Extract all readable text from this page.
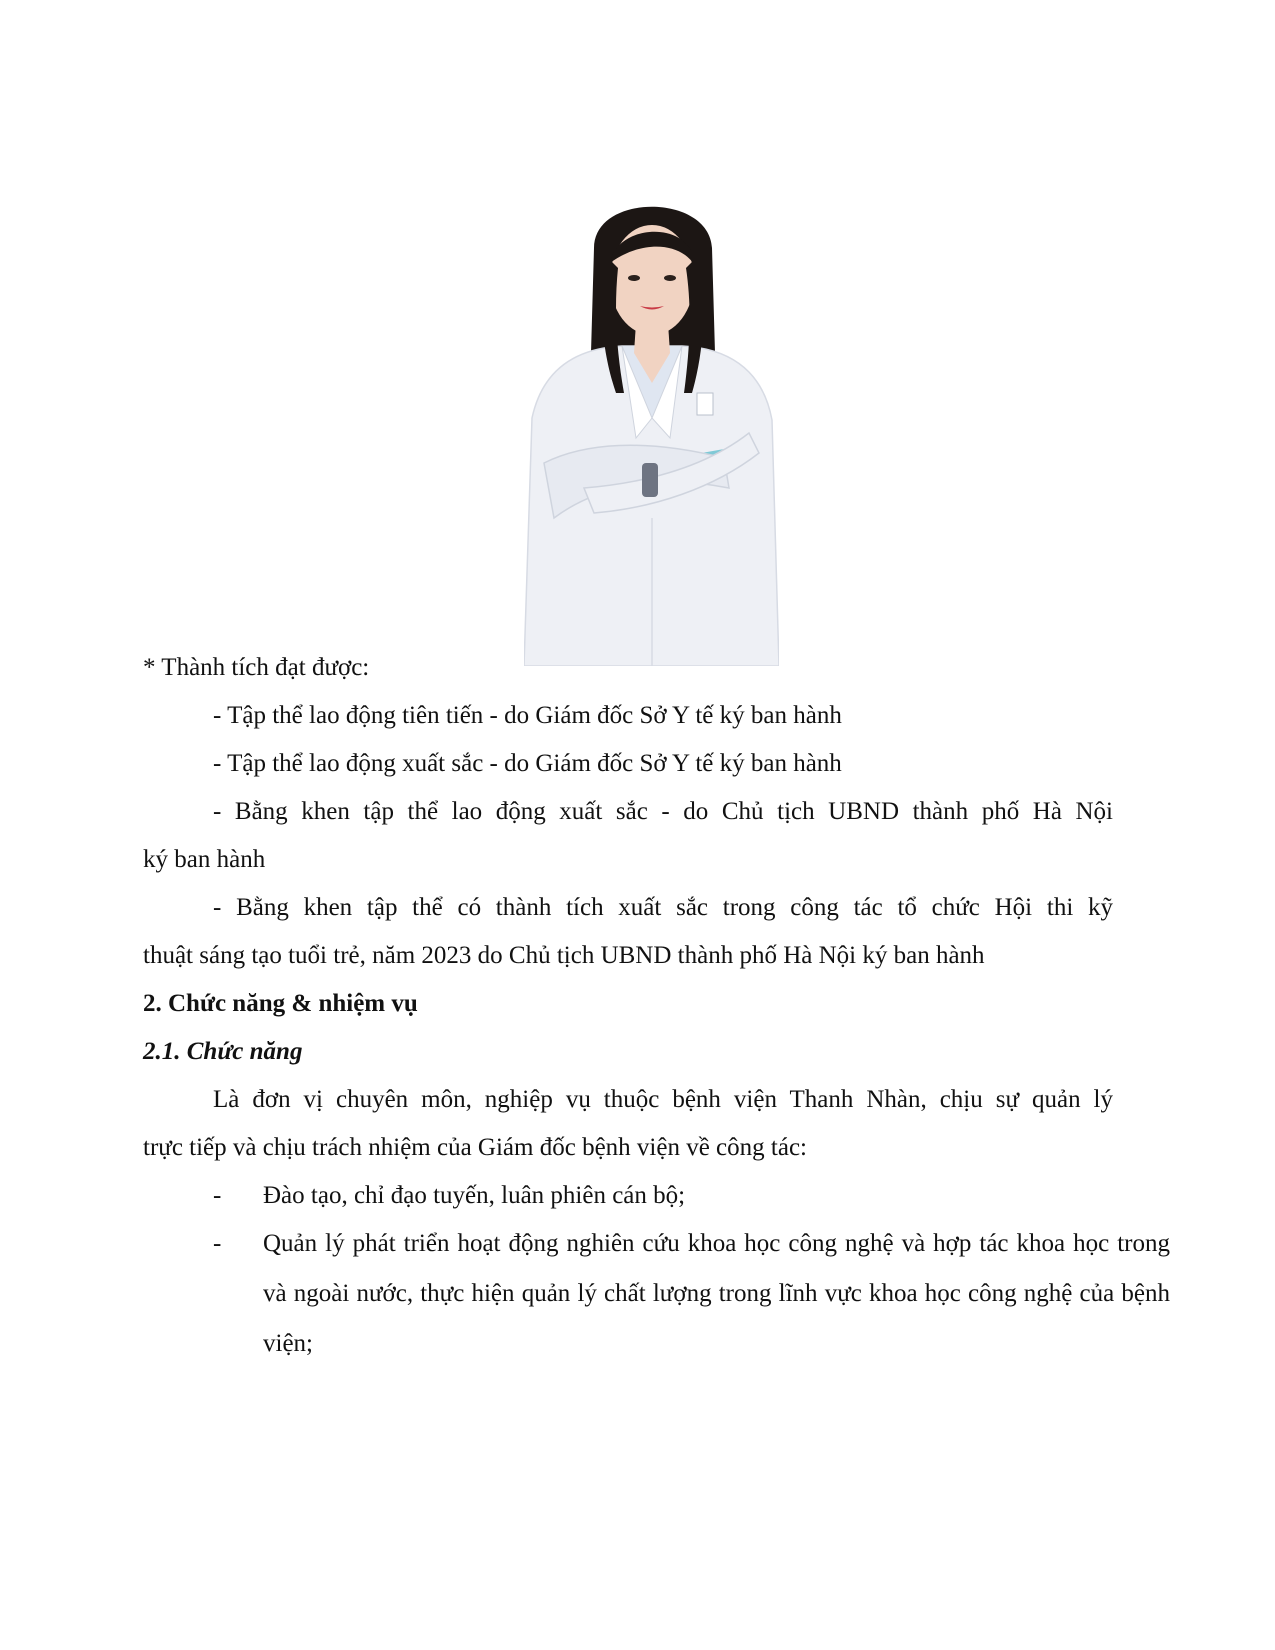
* Thành tích đạt được:
- Tập thể lao động tiên tiến - do Giám đốc Sở Y tế ký ban hành
- Tập thể lao động xuất sắc - do Giám đốc Sở Y tế ký ban hành
- Bằng khen tập thể lao động xuất sắc - do Chủ tịch UBND thành phố Hà Nội
ký ban hành
- Bằng khen tập thể có thành tích xuất sắc trong công tác tổ chức Hội thi kỹ
thuật sáng tạo tuổi trẻ, năm 2023 do Chủ tịch UBND thành phố Hà Nội ký ban hành
2. Chức năng & nhiệm vụ
2.1. Chức năng
Là đơn vị chuyên môn, nghiệp vụ thuộc bệnh viện Thanh Nhàn, chịu sự quản lý
trực tiếp và chịu trách nhiệm của Giám đốc bệnh viện về công tác:
- Đào tạo, chỉ đạo tuyến, luân phiên cán bộ;
- Quản lý phát triển hoạt động nghiên cứu khoa học công nghệ và hợp tác khoa học trong và ngoài nước, thực hiện quản lý chất lượng trong lĩnh vực khoa học công nghệ của bệnh viện;
